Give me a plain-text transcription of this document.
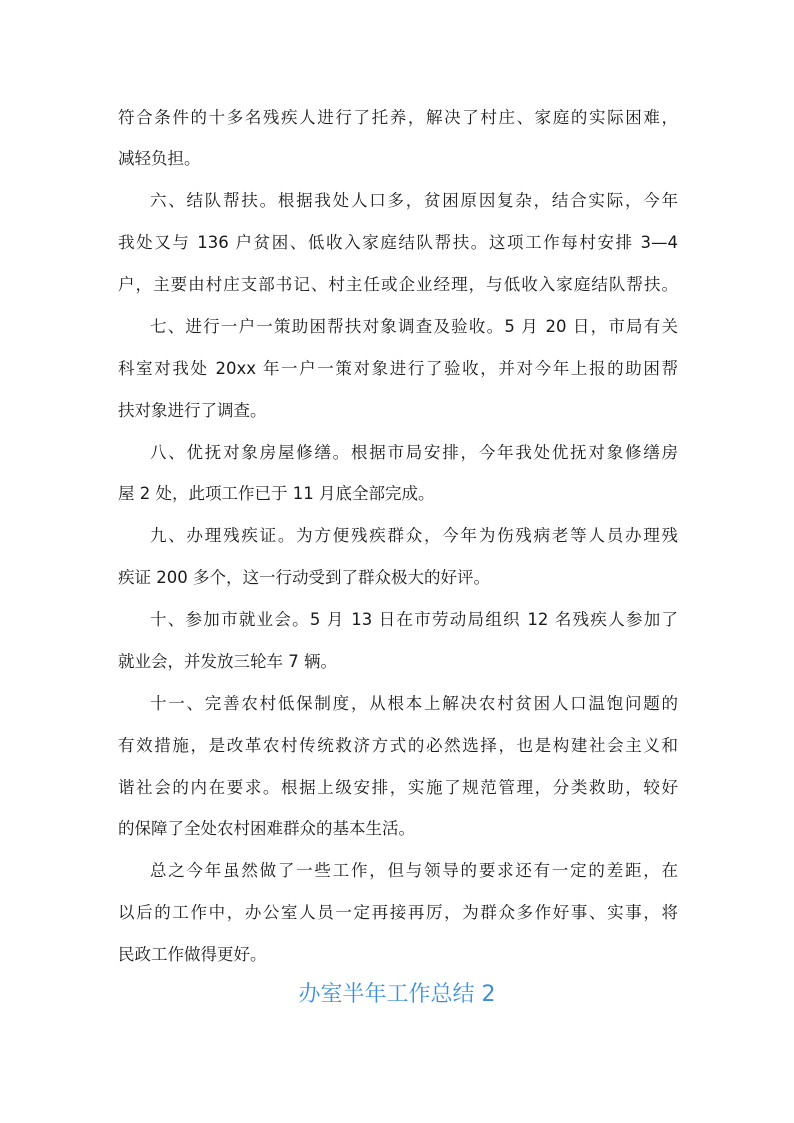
符合条件的十多名残疾人进行了托养，解决了村庄、家庭的实际困难，
减轻负担。
六、结队帮扶。根据我处人口多，贫困原因复杂，结合实际，今年
我处又与 136 户贫困、低收入家庭结队帮扶。这项工作每村安排 3—4
户，主要由村庄支部书记、村主任或企业经理，与低收入家庭结队帮扶。
七、进行一户一策助困帮扶对象调查及验收。5 月 20 日，市局有关
科室对我处 20xx 年一户一策对象进行了验收，并对今年上报的助困帮
扶对象进行了调查。
八、优抚对象房屋修缮。根据市局安排，今年我处优抚对象修缮房
屋 2 处，此项工作已于 11 月底全部完成。
九、办理残疾证。为方便残疾群众，今年为伤残病老等人员办理残
疾证 200 多个，这一行动受到了群众极大的好评。
十、参加市就业会。5 月 13 日在市劳动局组织 12 名残疾人参加了
就业会，并发放三轮车 7 辆。
十一、完善农村低保制度，从根本上解决农村贫困人口温饱问题的
有效措施，是改革农村传统救济方式的必然选择，也是构建社会主义和
谐社会的内在要求。根据上级安排，实施了规范管理，分类救助，较好
的保障了全处农村困难群众的基本生活。
总之今年虽然做了一些工作，但与领导的要求还有一定的差距，在
以后的工作中，办公室人员一定再接再厉，为群众多作好事、实事，将
民政工作做得更好。
办室半年工作总结 2
